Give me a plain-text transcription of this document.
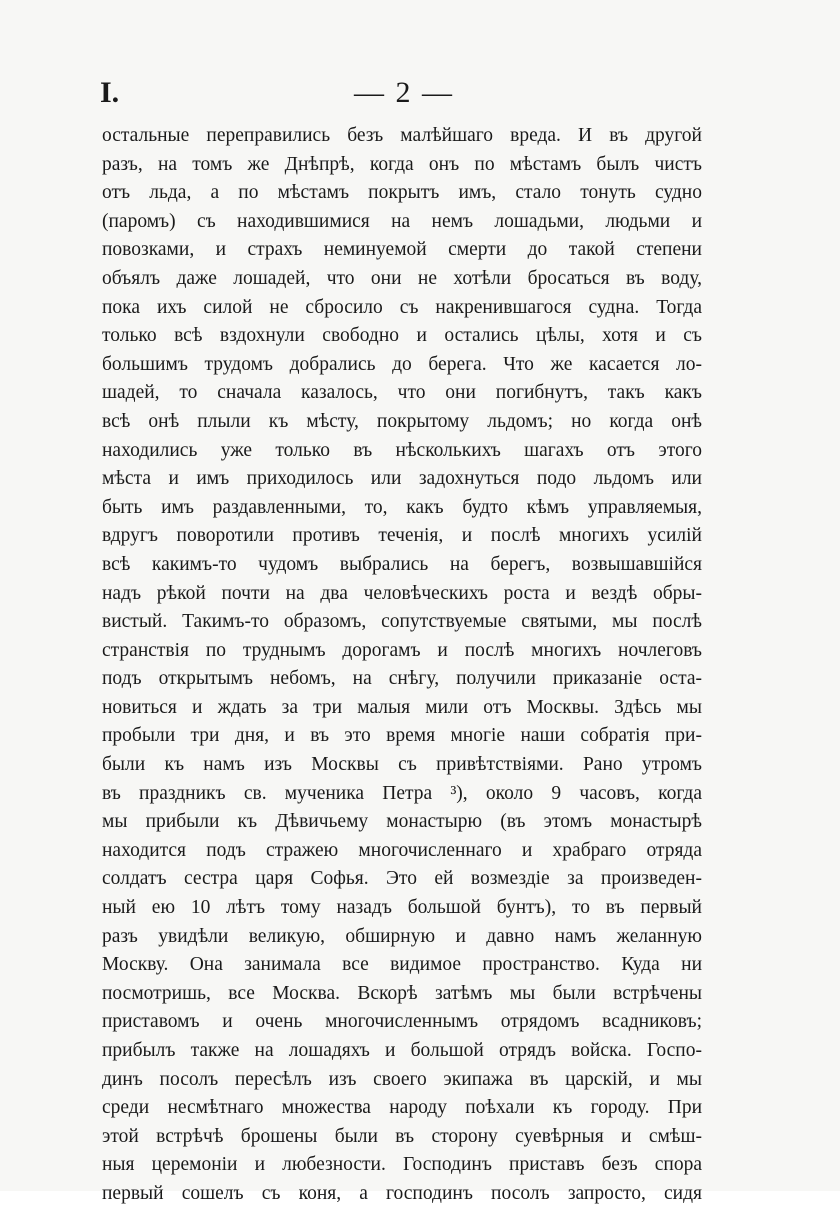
I.	— 2 —
остальные переправились безъ малѣйшаго вреда. И въ другой
разъ, на томъ же Днѣпрѣ, когда онъ по мѣстамъ былъ чистъ
отъ льда, а по мѣстамъ покрытъ имъ, стало тонуть судно
(паромъ) съ находившимися на немъ лошадьми, людьми и
повозками, и страхъ неминуемой смерти до такой степени
объялъ даже лошадей, что они не хотѣли бросаться въ воду,
пока ихъ силой не сбросило съ накренившагося судна. Тогда
только всѣ вздохнули свободно и остались цѣлы, хотя и съ
большимъ трудомъ добрались до берега. Что же касается ло-
шадей, то сначала казалось, что они погибнутъ, такъ какъ
всѣ онѣ плыли къ мѣсту, покрытому льдомъ; но когда онѣ
находились уже только въ нѣсколькихъ шагахъ отъ этого
мѣста и имъ приходилось или задохнуться подо льдомъ или
быть имъ раздавленными, то, какъ будто кѣмъ управляемыя,
вдругъ поворотили противъ теченія, и послѣ многихъ усилій
всѣ какимъ-то чудомъ выбрались на берегъ, возвышавшійся
надъ рѣкой почти на два человѣческихъ роста и вездѣ обры-
вистый. Такимъ-то образомъ, сопутствуемые святыми, мы послѣ
странствія по труднымъ дорогамъ и послѣ многихъ ночлеговъ
подъ открытымъ небомъ, на снѣгу, получили приказаніе оста-
новиться и ждать за три малыя мили отъ Москвы. Здѣсь мы
пробыли три дня, и въ это время многіе наши собратія при-
были къ намъ изъ Москвы съ привѣтствіями. Рано утромъ
въ праздникъ св. мученика Петра ³), около 9 часовъ, когда
мы прибыли къ Дѣвичьему монастырю (въ этомъ монастырѣ
находится подъ стражею многочисленнаго и храбраго отряда
солдатъ сестра царя Софья. Это ей возмездіе за произведен-
ный ею 10 лѣтъ тому назадъ большой бунтъ), то въ первый
разъ увидѣли великую, обширную и давно намъ желанную
Москву. Она занимала все видимое пространство. Куда ни
посмотришь, все Москва. Вскорѣ затѣмъ мы были встрѣчены
приставомъ и очень многочисленнымъ отрядомъ всадниковъ;
прибылъ также на лошадяхъ и большой отрядъ войска. Госпо-
динъ посолъ пересѣлъ изъ своего экипажа въ царскій, и мы
среди несмѣтнаго множества народу поѣхали къ городу. При
этой встрѣчѣ брошены были въ сторону суевѣрныя и смѣш-
ныя церемоніи и любезности. Господинъ приставъ безъ спора
первый сошелъ съ коня, а господинъ посолъ запросто, сидя
